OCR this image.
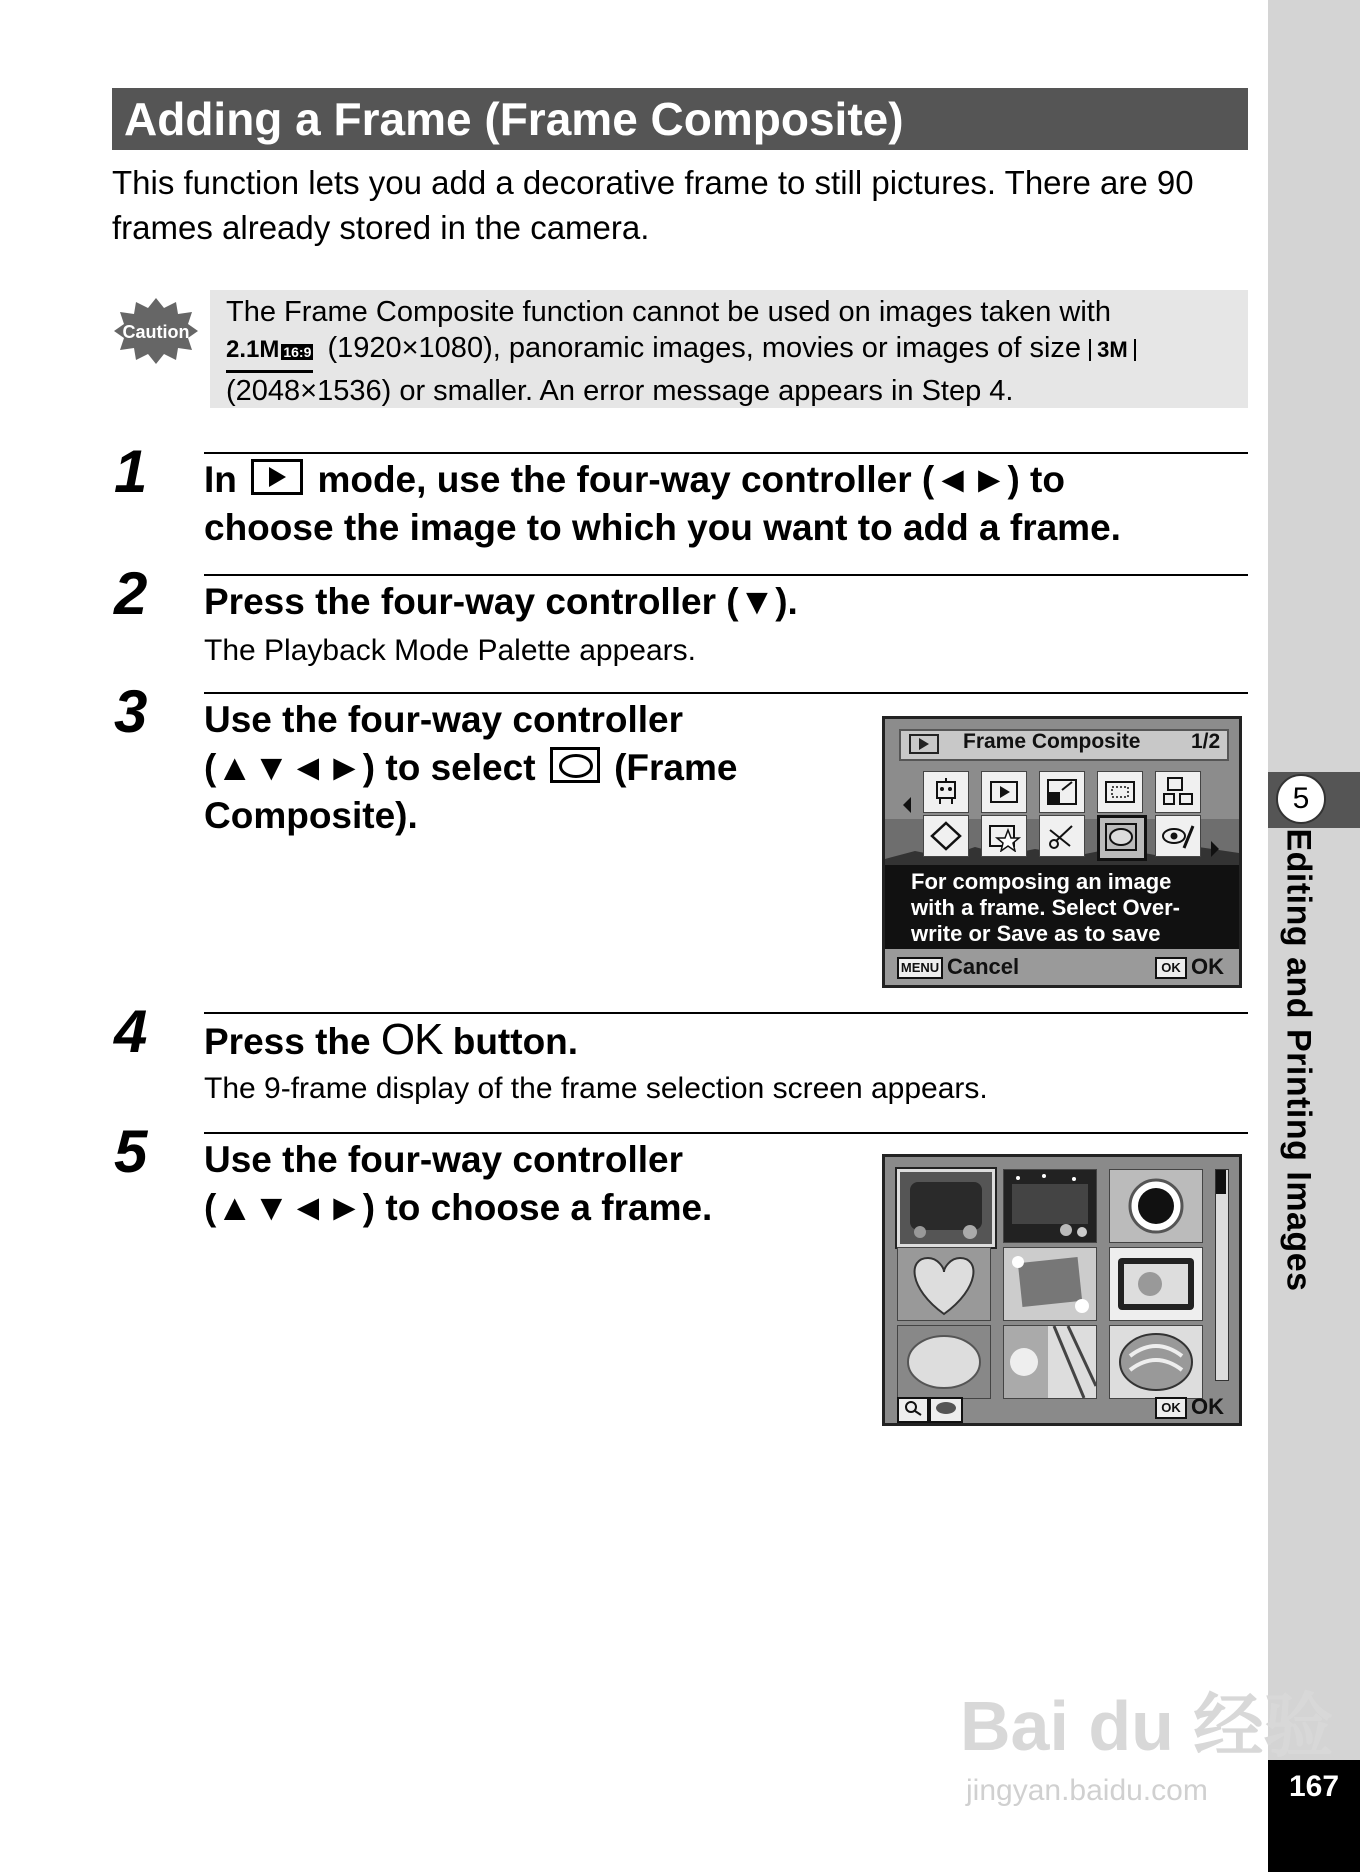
5
Editing and Printing Images
167
Adding a Frame (Frame Composite)
This function lets you add a decorative frame to still pictures. There are 90 frames already stored in the camera.
Caution
The Frame Composite function cannot be used on images taken with
2.1M 16:9 (1920×1080), panoramic images, movies or images of size 3M
(2048×1536) or smaller. An error message appears in Step 4.
1 In  mode, use the four-way controller (◄►) to
choose the image to which you want to add a frame.
2 Press the four-way controller (▼).
The Playback Mode Palette appears.
3 Use the four-way controller
(▲▼◄►) to select  (Frame
Composite).
Frame Composite 1/2
For composing an image
with a frame. Select Over-
write or Save as to save
MENU Cancel	OK OK
4 Press the OK button.
The 9-frame display of the frame selection screen appears.
5 Use the four-way controller
(▲▼◄►) to choose a frame.
OK OK
Bai du 经验
jingyan.baidu.com
